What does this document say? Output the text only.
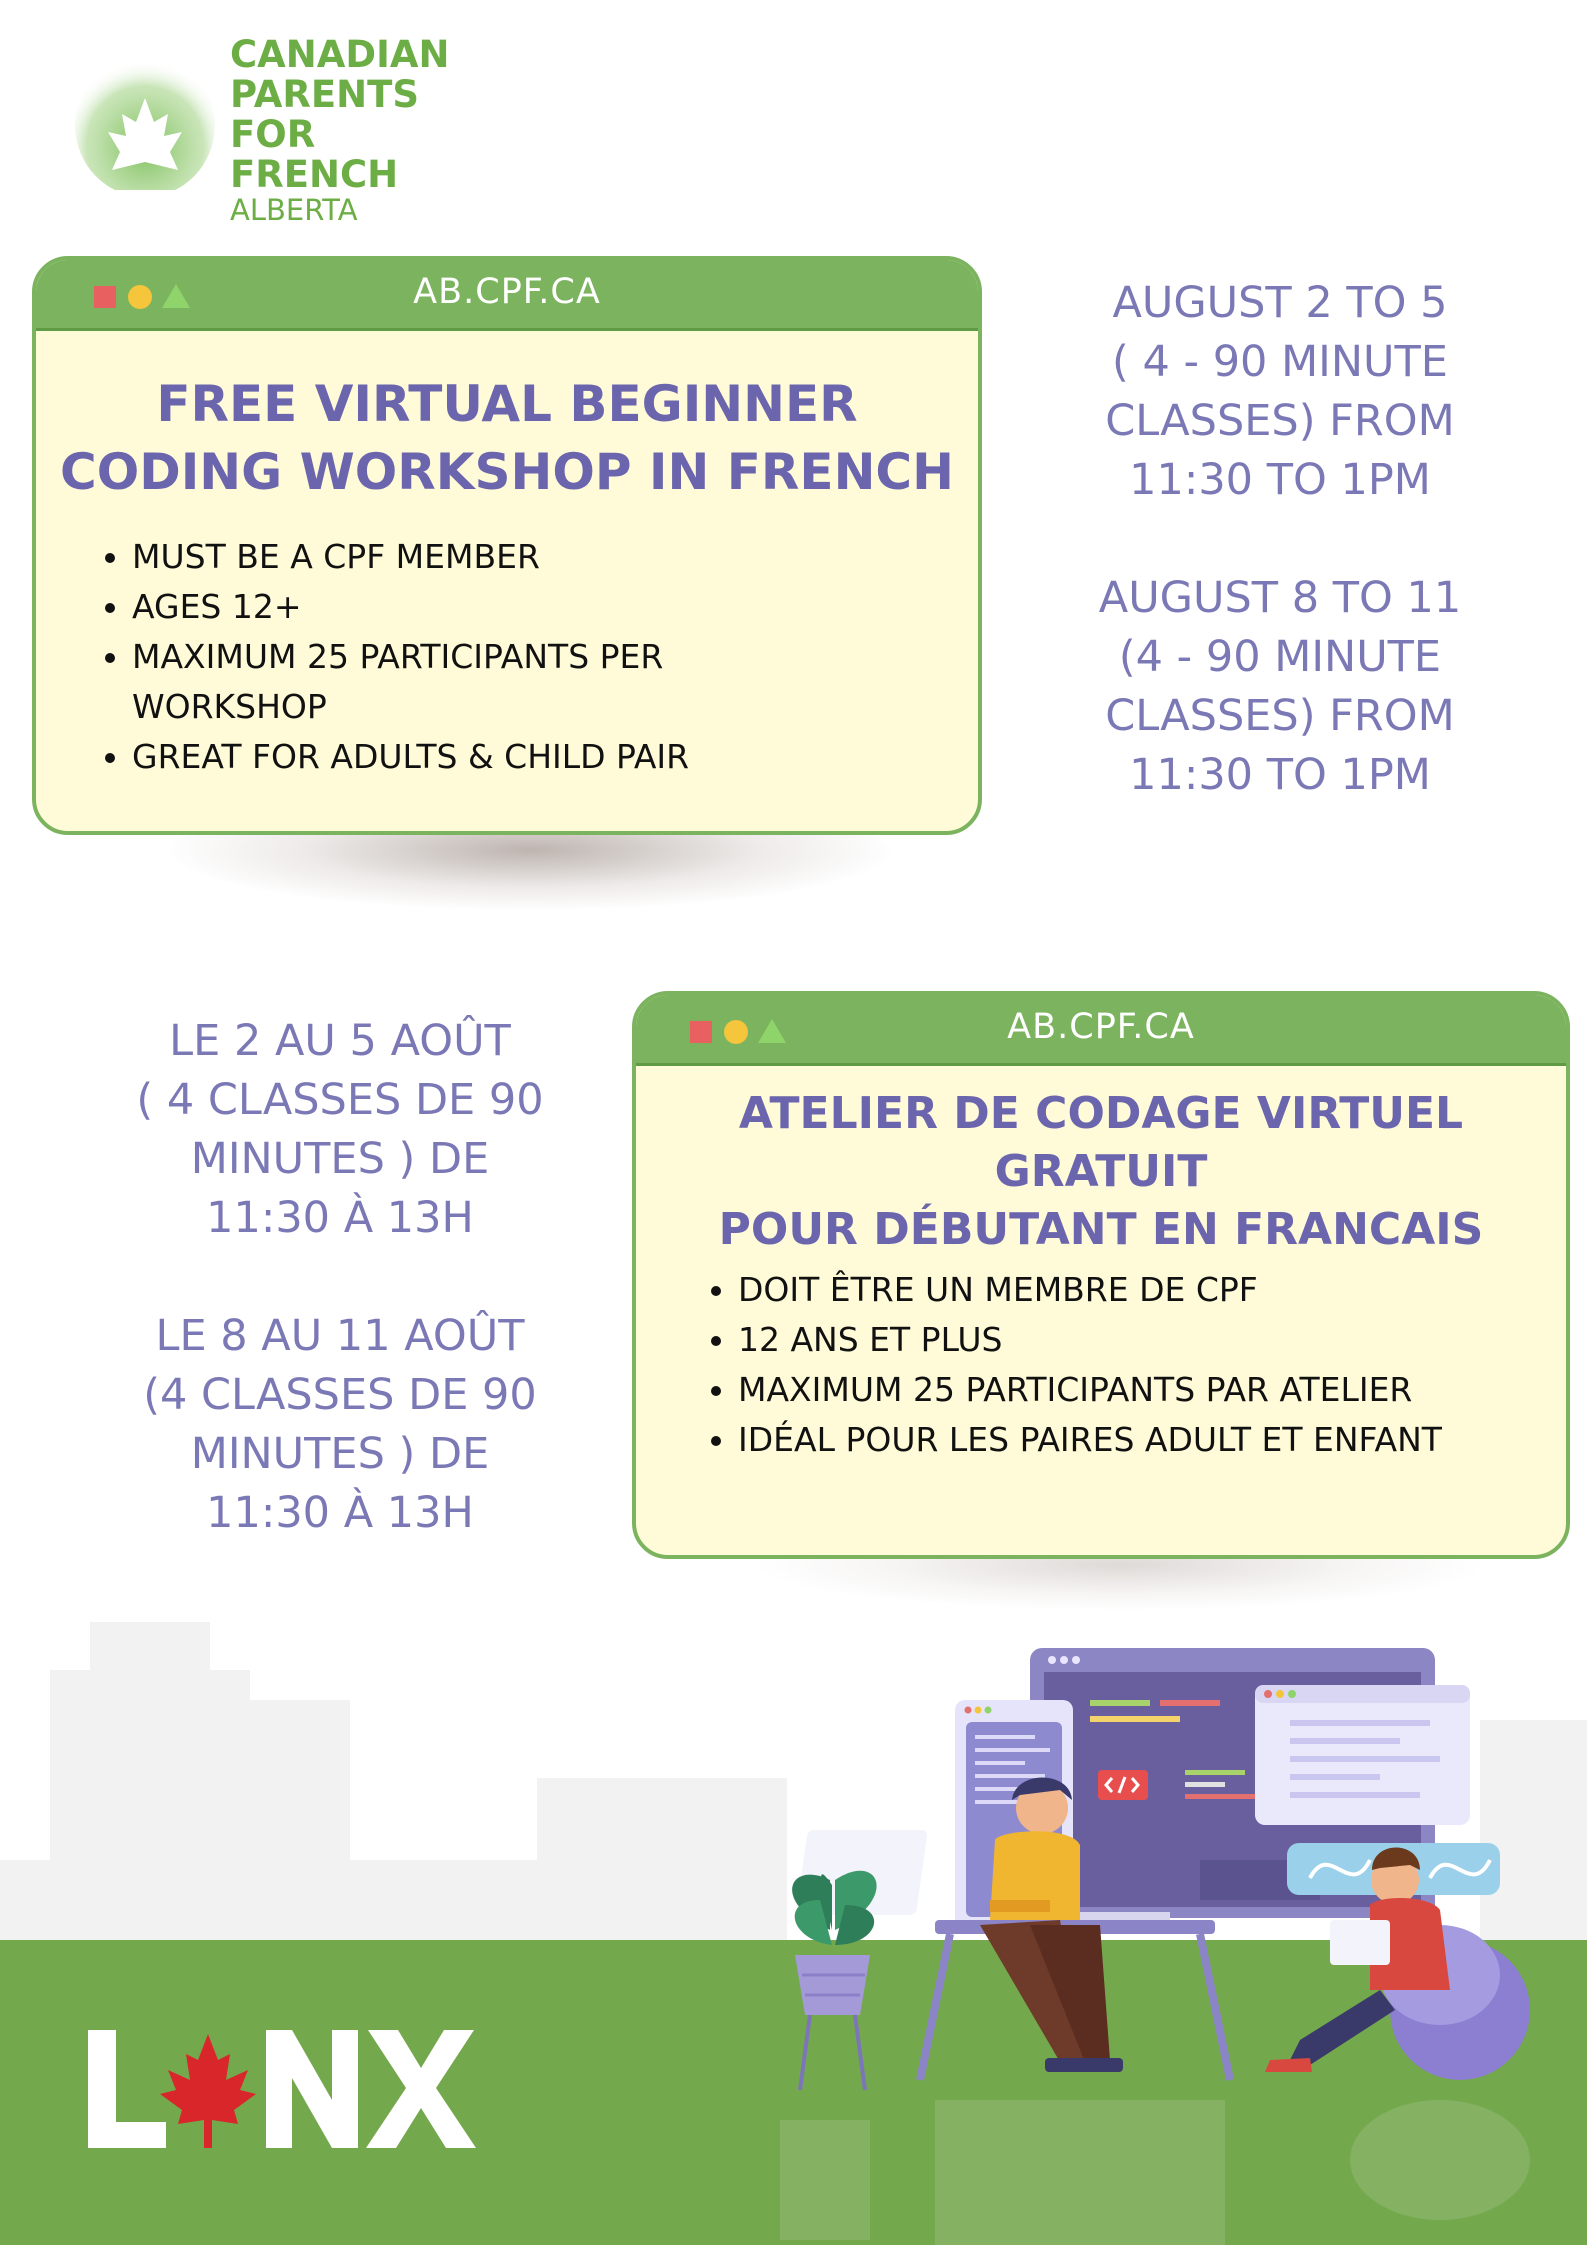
CANADIAN
PARENTS
FOR FRENCH
ALBERTA
AB.CPF.CA
FREE VIRTUAL BEGINNER
CODING WORKSHOP IN FRENCH
• MUST BE A CPF MEMBER
• AGES 12+
• MAXIMUM 25 PARTICIPANTS PER WORKSHOP
• GREAT FOR ADULTS & CHILD PAIR
AUGUST 2 TO 5
( 4 - 90 MINUTE
CLASSES) FROM
11:30 TO 1PM
AUGUST 8 TO 11
(4 - 90 MINUTE
CLASSES) FROM
11:30 TO 1PM
LE 2 AU 5 AOÛT
( 4 CLASSES DE 90
MINUTES ) DE
11:30 À 13H
LE 8 AU 11 AOÛT
(4 CLASSES DE 90
MINUTES ) DE
11:30 À 13H
AB.CPF.CA
ATELIER DE CODAGE VIRTUEL GRATUIT
POUR DÉBUTANT EN FRANCAIS
• DOIT ÊTRE UN MEMBRE DE CPF
• 12 ANS ET PLUS
• MAXIMUM 25 PARTICIPANTS PAR ATELIER
• IDÉAL POUR LES PAIRES ADULT ET ENFANT
